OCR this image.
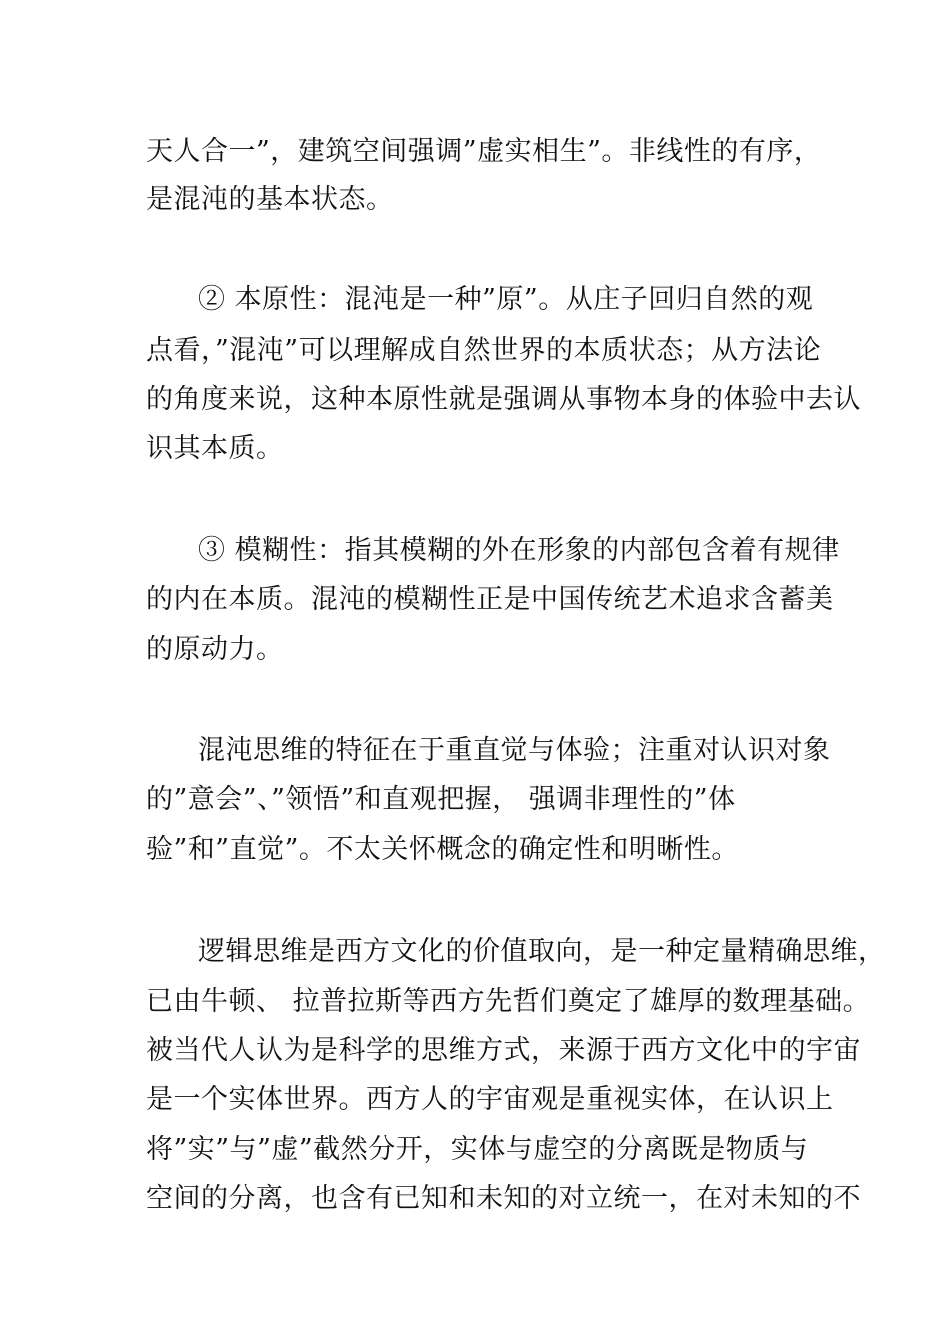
天人合一”，建筑空间强调”虚实相生”。非线性的有序，
是混沌的基本状态。
② 本原性：混沌是一种”原”。从庄子回归自然的观
点看，”混沌”可以理解成自然世界的本质状态；从方法论
的角度来说，这种本原性就是强调从事物本身的体验中去认
识其本质。
③ 模糊性：指其模糊的外在形象的内部包含着有规律
的内在本质。混沌的模糊性正是中国传统艺术追求含蓄美
的原动力。
混沌思维的特征在于重直觉与体验；注重对认识对象
的”意会”、”领悟”和直观把握， 强调非理性的”体
验”和”直觉”。不太关怀概念的确定性和明晰性。
逻辑思维是西方文化的价值取向，是一种定量精确思维，
已由牛顿、 拉普拉斯等西方先哲们奠定了雄厚的数理基础。
被当代人认为是科学的思维方式，来源于西方文化中的宇宙
是一个实体世界。西方人的宇宙观是重视实体，在认识上
将”实”与”虚”截然分开，实体与虚空的分离既是物质与
空间的分离，也含有已知和未知的对立统一，在对未知的不
